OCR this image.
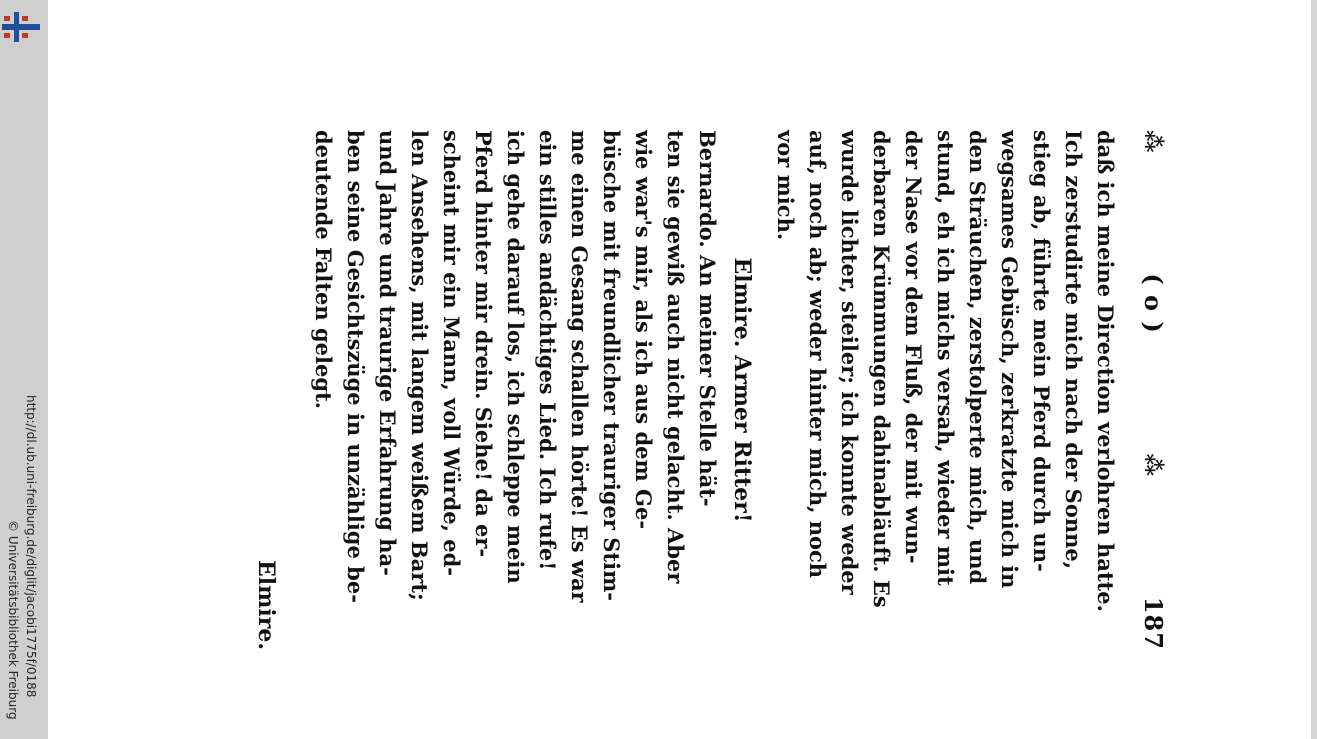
http://dl.ub.uni-freiburg.de/diglit/jacobi1775f/0188
© Universitätsbibliothek Freiburg
⁂
( o )
⁂
187
daß ich meine Direction verlohren hatte.
Ich zerstudirte mich nach der Sonne,
stieg ab, führte mein Pferd durch un-
wegsames Gebüsch, zerkratzte mich in
den Sträuchen, zerstolperte mich, und
stund, eh ich michs versah, wieder mit
der Nase vor dem Fluß, der mit wun-
derbaren Krümmungen dahinabläuft. Es
wurde lichter, steiler; ich konnte weder
auf, noch ab; weder hinter mich, noch
vor mich.
Elmire. Armer Ritter!
Bernardo. An meiner Stelle hät-
ten sie gewiß auch nicht gelacht. Aber
wie war's mir, als ich aus dem Ge-
büsche mit freundlicher trauriger Stim-
me einen Gesang schallen hörte! Es war
ein stilles andächtiges Lied. Ich rufe!
ich gehe darauf los, ich schleppe mein
Pferd hinter mir drein. Siehe! da er-
scheint mir ein Mann, voll Würde, ed-
len Ansehens, mit langem weißem Bart;
und Jahre und traurige Erfahrung ha-
ben seine Gesichtszüge in unzählige be-
deutende Falten gelegt.
Elmire.
